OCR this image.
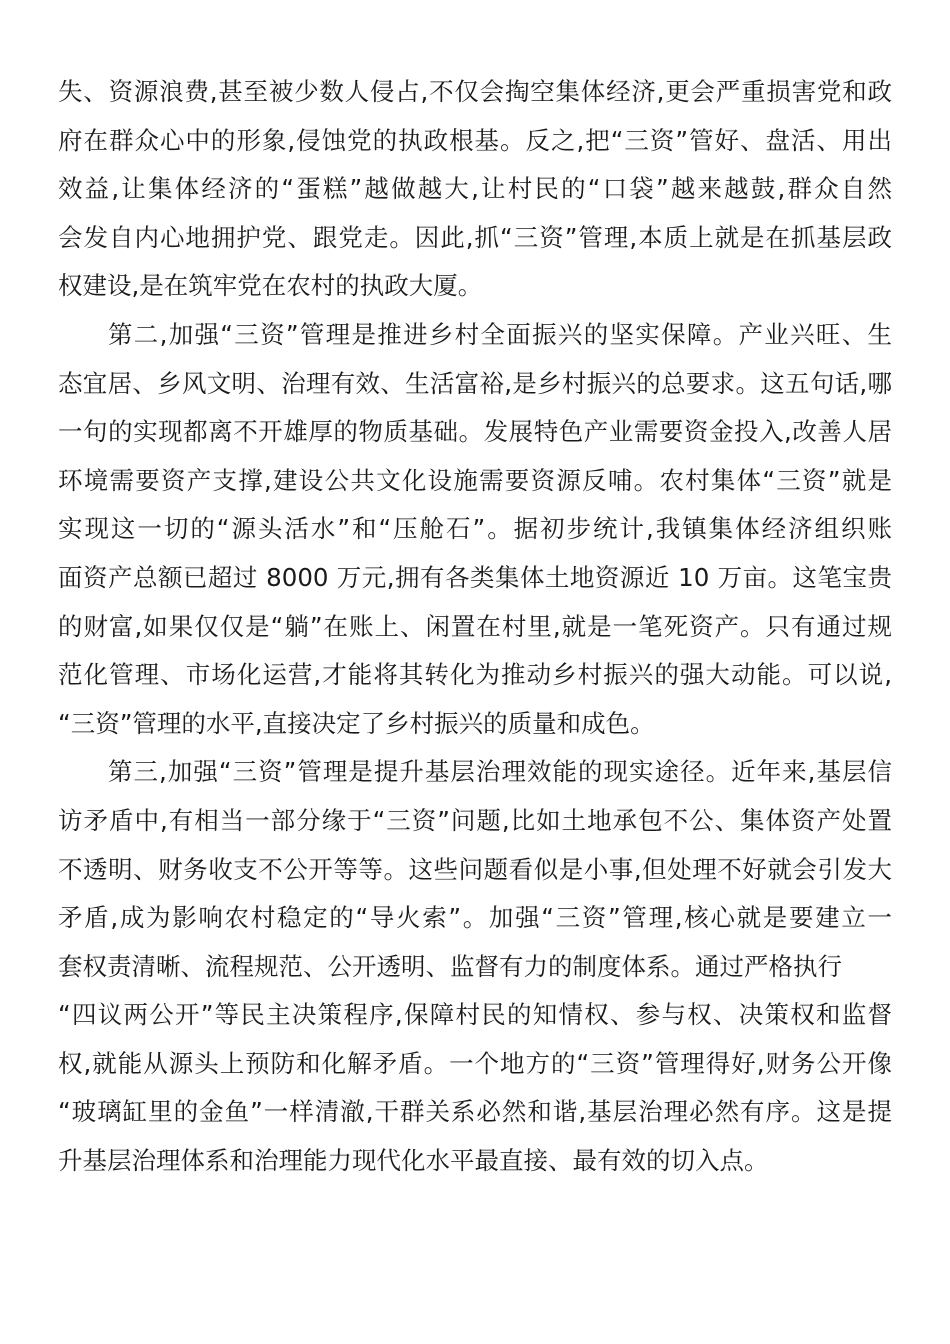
失、资源浪费,甚至被少数人侵占,不仅会掏空集体经济,更会严重损害党和政
府在群众心中的形象,侵蚀党的执政根基。反之,把“三资”管好、盘活、用出
效益,让集体经济的“蛋糕”越做越大,让村民的“口袋”越来越鼓,群众自然
会发自内心地拥护党、跟党走。因此,抓“三资”管理,本质上就是在抓基层政
权建设,是在筑牢党在农村的执政大厦。
第二,加强“三资”管理是推进乡村全面振兴的坚实保障。产业兴旺、生
态宜居、乡风文明、治理有效、生活富裕,是乡村振兴的总要求。这五句话,哪
一句的实现都离不开雄厚的物质基础。发展特色产业需要资金投入,改善人居
环境需要资产支撑,建设公共文化设施需要资源反哺。农村集体“三资”就是
实现这一切的“源头活水”和“压舱石”。据初步统计,我镇集体经济组织账
面资产总额已超过 8000 万元,拥有各类集体土地资源近 10 万亩。这笔宝贵
的财富,如果仅仅是“躺”在账上、闲置在村里,就是一笔死资产。只有通过规
范化管理、市场化运营,才能将其转化为推动乡村振兴的强大动能。可以说,
“三资”管理的水平,直接决定了乡村振兴的质量和成色。
第三,加强“三资”管理是提升基层治理效能的现实途径。近年来,基层信
访矛盾中,有相当一部分缘于“三资”问题,比如土地承包不公、集体资产处置
不透明、财务收支不公开等等。这些问题看似是小事,但处理不好就会引发大
矛盾,成为影响农村稳定的“导火索”。加强“三资”管理,核心就是要建立一
套权责清晰、流程规范、公开透明、监督有力的制度体系。通过严格执行
“四议两公开”等民主决策程序,保障村民的知情权、参与权、决策权和监督
权,就能从源头上预防和化解矛盾。一个地方的“三资”管理得好,财务公开像
“玻璃缸里的金鱼”一样清澈,干群关系必然和谐,基层治理必然有序。这是提
升基层治理体系和治理能力现代化水平最直接、最有效的切入点。
